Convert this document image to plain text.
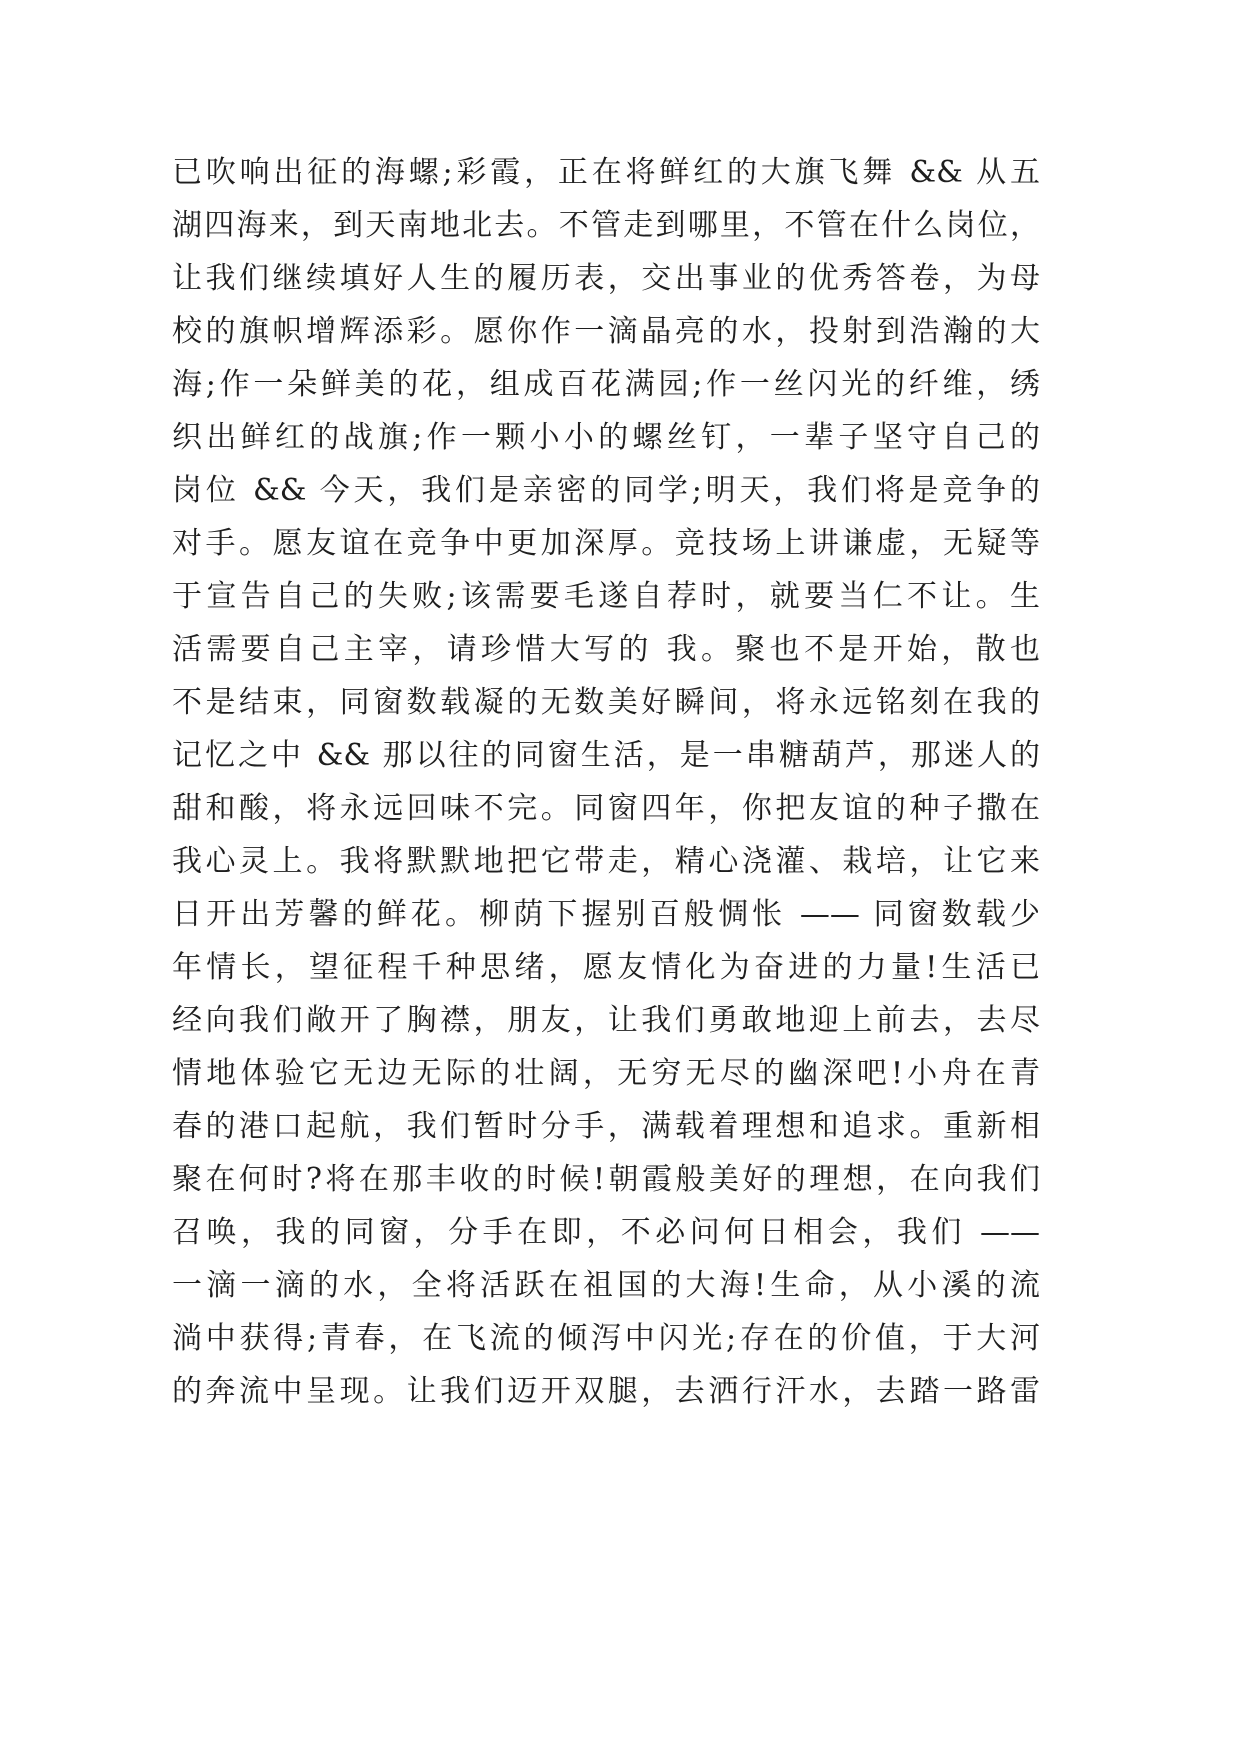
已吹响出征的海螺;彩霞，正在将鲜红的大旗飞舞 && 从五
湖四海来，到天南地北去。不管走到哪里，不管在什么岗位，
让我们继续填好人生的履历表，交出事业的优秀答卷，为母
校的旗帜增辉添彩。愿你作一滴晶亮的水，投射到浩瀚的大
海;作一朵鲜美的花，组成百花满园;作一丝闪光的纤维，绣
织出鲜红的战旗;作一颗小小的螺丝钉，一辈子坚守自己的
岗位 && 今天，我们是亲密的同学;明天，我们将是竞争的
对手。愿友谊在竞争中更加深厚。竞技场上讲谦虚，无疑等
于宣告自己的失败;该需要毛遂自荐时，就要当仁不让。生
活需要自己主宰，请珍惜大写的 我。聚也不是开始，散也
不是结束，同窗数载凝的无数美好瞬间，将永远铭刻在我的
记忆之中 && 那以往的同窗生活，是一串糖葫芦，那迷人的
甜和酸，将永远回味不完。同窗四年，你把友谊的种子撒在
我心灵上。我将默默地把它带走，精心浇灌、栽培，让它来
日开出芳馨的鲜花。柳荫下握别百般惆怅 —— 同窗数载少
年情长，望征程千种思绪，愿友情化为奋进的力量!生活已
经向我们敞开了胸襟，朋友，让我们勇敢地迎上前去，去尽
情地体验它无边无际的壮阔，无穷无尽的幽深吧!小舟在青
春的港口起航，我们暂时分手，满载着理想和追求。重新相
聚在何时?将在那丰收的时候!朝霞般美好的理想，在向我们
召唤，我的同窗，分手在即，不必问何日相会，我们 ——
一滴一滴的水，全将活跃在祖国的大海!生命，从小溪的流
淌中获得;青春，在飞流的倾泻中闪光;存在的价值，于大河
的奔流中呈现。让我们迈开双腿，去洒行汗水，去踏一路雷
